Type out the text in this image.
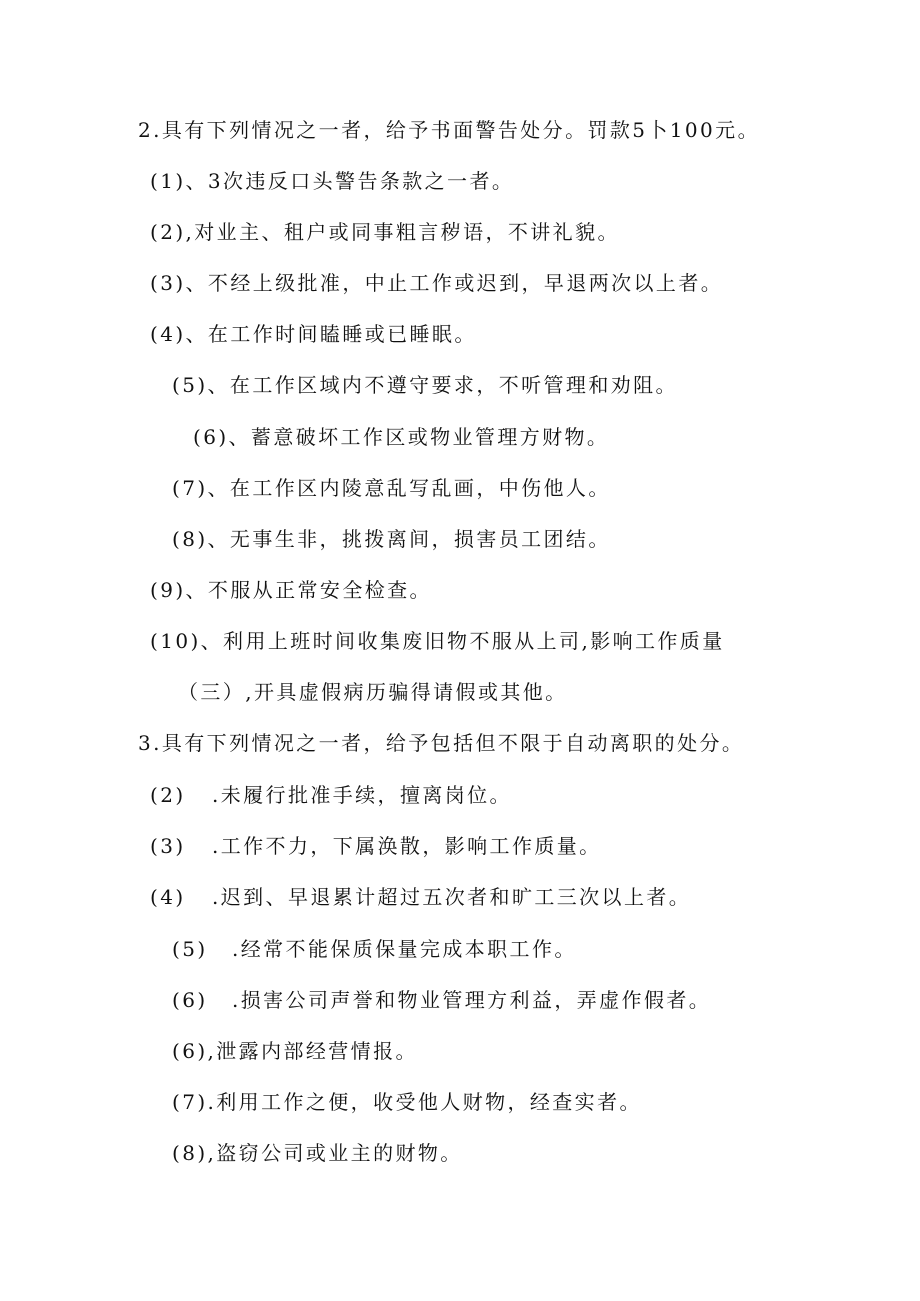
2.具有下列情况之一者，给予书面警告处分。罚款5卜100元。
(1)、3次违反口头警告条款之一者。
(2),对业主、租户或同事粗言秽语，不讲礼貌。
(3)、不经上级批准，中止工作或迟到，早退两次以上者。
(4)、在工作时间瞌睡或已睡眠。
(5)、在工作区域内不遵守要求，不听管理和劝阻。
(6)、蓄意破坏工作区或物业管理方财物。
(7)、在工作区内陵意乱写乱画，中伤他人。
(8)、无事生非，挑拨离间，损害员工团结。
(9)、不服从正常安全检查。
(10)、利用上班时间收集废旧物不服从上司,影响工作质量
（三）,开具虚假病历骗得请假或其他。
3.具有下列情况之一者，给予包括但不限于自动离职的处分。
(2) .未履行批准手续，擅离岗位。
(3) .工作不力，下属涣散，影响工作质量。
(4) .迟到、早退累计超过五次者和旷工三次以上者。
(5) .经常不能保质保量完成本职工作。
(6) .损害公司声誉和物业管理方利益，弄虚作假者。
(6),泄露内部经营情报。
(7).利用工作之便，收受他人财物，经查实者。
(8),盗窃公司或业主的财物。
